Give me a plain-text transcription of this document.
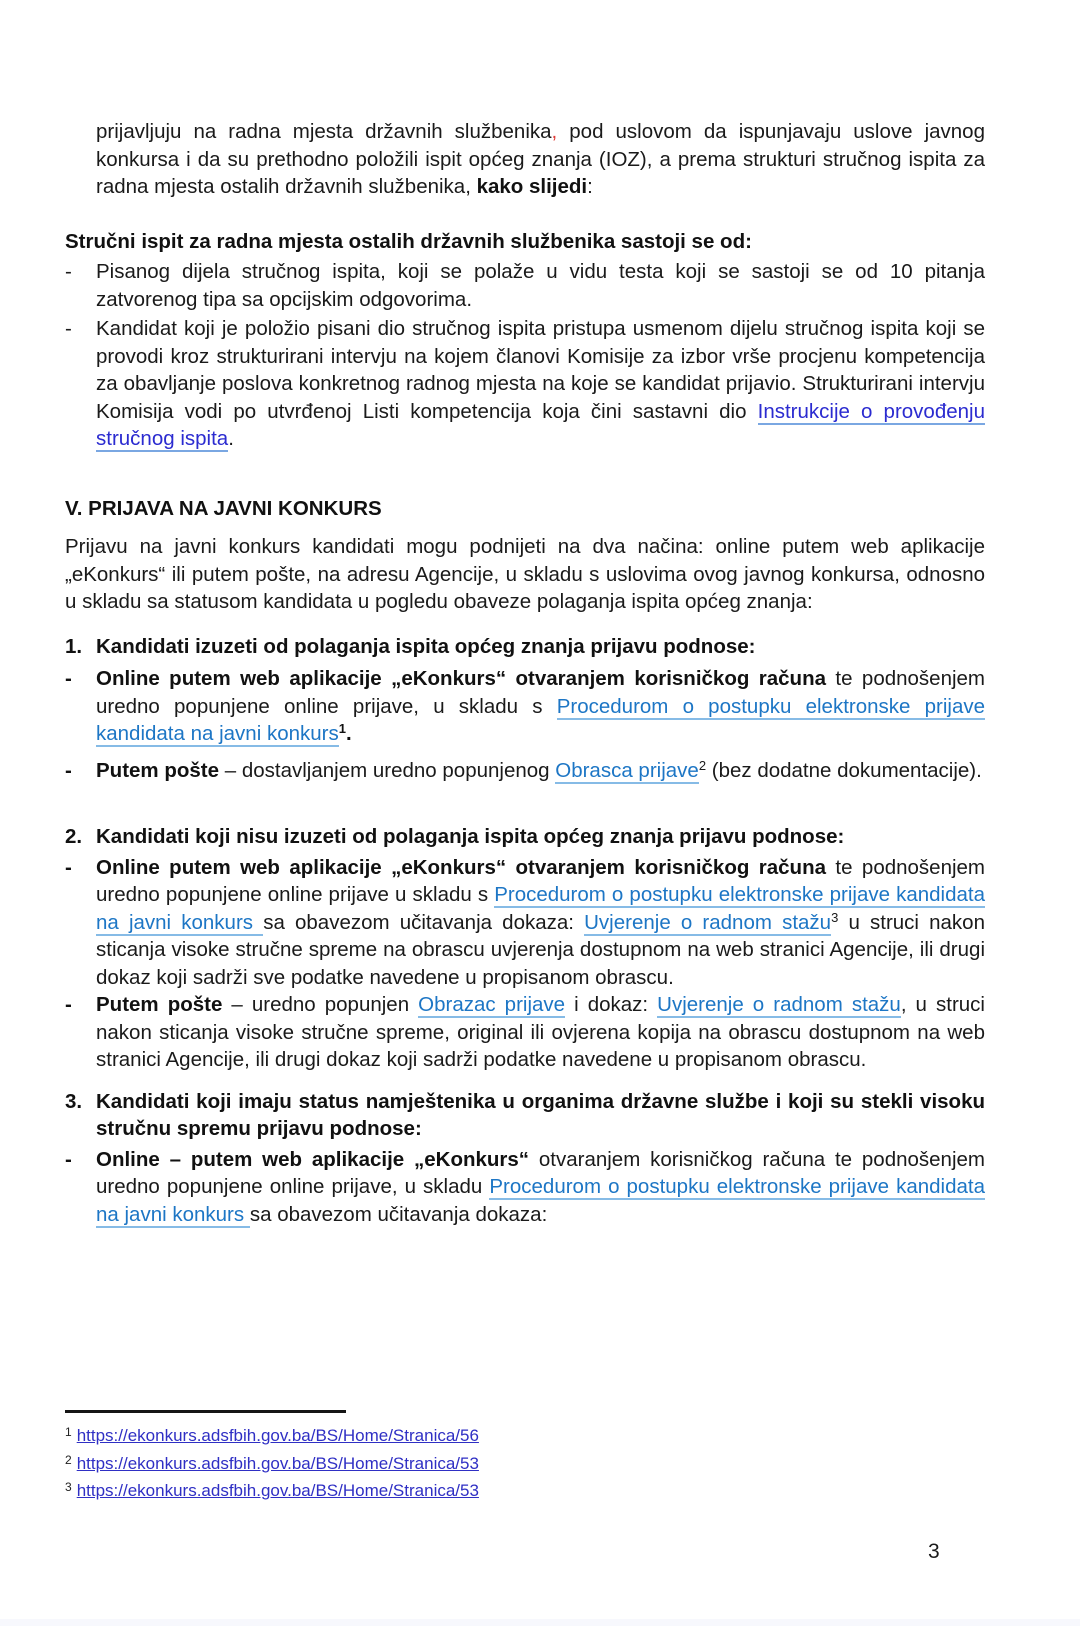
prijavljuju na radna mjesta državnih službenika, pod uslovom da ispunjavaju uslove javnog konkursa i da su prethodno položili ispit općeg znanja (IOZ), a prema strukturi stručnog ispita za radna mjesta ostalih državnih službenika, kako slijedi:
Stručni ispit za radna mjesta ostalih državnih službenika sastoji se od:
- Pisanog dijela stručnog ispita, koji se polaže u vidu testa koji se sastoji se od 10 pitanja zatvorenog tipa sa opcijskim odgovorima.
- Kandidat koji je položio pisani dio stručnog ispita pristupa usmenom dijelu stručnog ispita koji se provodi kroz strukturirani intervju na kojem članovi Komisije za izbor vrše procjenu kompetencija za obavljanje poslova konkretnog radnog mjesta na koje se kandidat prijavio. Strukturirani intervju Komisija vodi po utvrđenoj Listi kompetencija koja čini sastavni dio Instrukcije o provođenju stručnog ispita.
V. PRIJAVA NA JAVNI KONKURS
Prijavu na javni konkurs kandidati mogu podnijeti na dva načina: online putem web aplikacije „eKonkurs“ ili putem pošte, na adresu Agencije, u skladu s uslovima ovog javnog konkursa, odnosno u skladu sa statusom kandidata u pogledu obaveze polaganja ispita općeg znanja:
1. Kandidati izuzeti od polaganja ispita općeg znanja prijavu podnose:
- Online putem web aplikacije „eKonkurs“ otvaranjem korisničkog računa te podnošenjem uredno popunjene online prijave, u skladu s Procedurom o postupku elektronske prijave kandidata na javni konkurs$^1$.
- Putem pošte – dostavljanjem uredno popunjenog Obrasca prijave$^2$ (bez dodatne dokumentacije).
2. Kandidati koji nisu izuzeti od polaganja ispita općeg znanja prijavu podnose:
- Online putem web aplikacije „eKonkurs“ otvaranjem korisničkog računa te podnošenjem uredno popunjene online prijave u skladu s Procedurom o postupku elektronske prijave kandidata na javni konkurs sa obavezom učitavanja dokaza: Uvjerenje o radnom stažu$^3$ u struci nakon sticanja visoke stručne spreme na obrascu uvjerenja dostupnom na web stranici Agencije, ili drugi dokaz koji sadrži sve podatke navedene u propisanom obrascu.
- Putem pošte – uredno popunjen Obrazac prijave i dokaz: Uvjerenje o radnom stažu, u struci nakon sticanja visoke stručne spreme, original ili ovjerena kopija na obrascu dostupnom na web stranici Agencije, ili drugi dokaz koji sadrži podatke navedene u propisanom obrascu.
3. Kandidati koji imaju status namještenika u organima državne službe i koji su stekli visoku stručnu spremu prijavu podnose:
- Online – putem web aplikacije „eKonkurs“ otvaranjem korisničkog računa te podnošenjem uredno popunjene online prijave, u skladu Procedurom o postupku elektronske prijave kandidata na javni konkurs sa obavezom učitavanja dokaza:
$^1$ https://ekonkurs.adsfbih.gov.ba/BS/Home/Stranica/56
$^2$ https://ekonkurs.adsfbih.gov.ba/BS/Home/Stranica/53
$^3$ https://ekonkurs.adsfbih.gov.ba/BS/Home/Stranica/53
3
